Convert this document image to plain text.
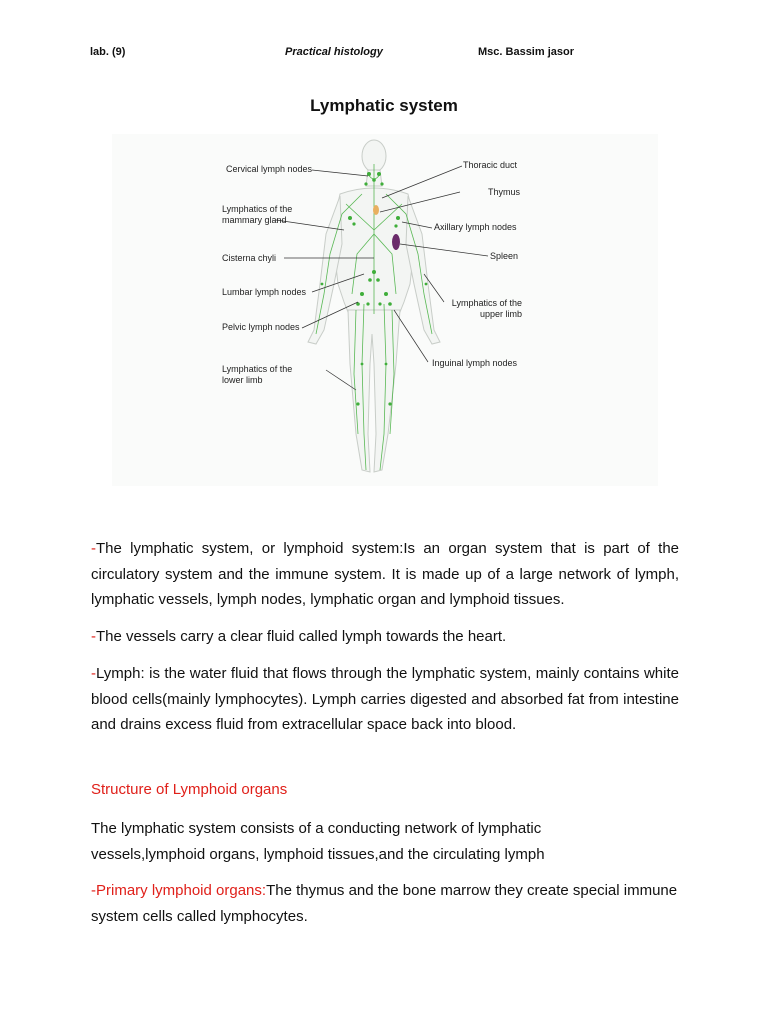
lab. (9)	Practical histology	Msc. Bassim jasor
Lymphatic system
Cervical lymph nodes
Lymphatics of the
mammary gland
Cisterna chyli
Lumbar lymph nodes
Pelvic lymph nodes
Lymphatics of the
lower limb
Thoracic duct
Thymus
Axillary lymph nodes
Spleen
Lymphatics of the
upper limb
Inguinal lymph nodes
-The lymphatic system, or lymphoid system:Is an organ system that is part of the circulatory system and the immune system. It is made up of a large network of lymph, lymphatic vessels, lymph nodes, lymphatic organ and lymphoid tissues.
-The vessels carry a clear fluid called lymph towards the heart.
-Lymph: is the water fluid that flows through the lymphatic system, mainly contains white blood cells(mainly lymphocytes). Lymph carries digested and absorbed fat from intestine and drains excess fluid from extracellular space back into blood.
Structure of Lymphoid organs
The lymphatic system consists of a conducting network of lymphatic vessels,lymphoid organs, lymphoid tissues,and the circulating lymph
-Primary lymphoid organs:The thymus and the bone marrow they create special immune system cells called lymphocytes.
